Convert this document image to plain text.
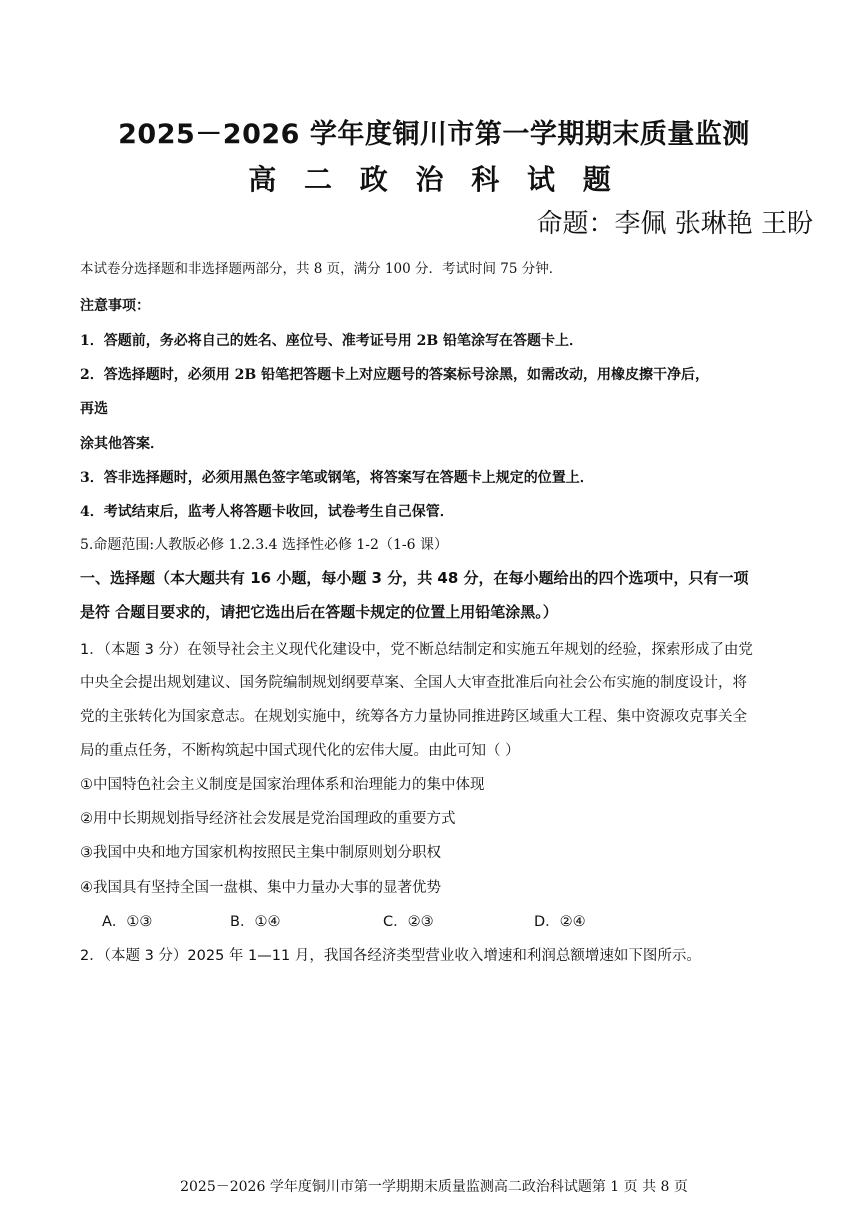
2025－2026 学年度铜川市第一学期期末质量监测
高 二 政 治 科 试 题
命题：李佩 张琳艳 王盼
本试卷分选择题和非选择题两部分，共 8 页，满分 100 分．考试时间 75 分钟．
注意事项：
1．答题前，务必将自己的姓名、座位号、准考证号用 2B 铅笔涂写在答题卡上．
2．答选择题时，必须用 2B 铅笔把答题卡上对应题号的答案标号涂黑，如需改动，用橡皮擦干净后，
再选
涂其他答案．
3．答非选择题时，必须用黑色签字笔或钢笔，将答案写在答题卡上规定的位置上．
4．考试结束后，监考人将答题卡收回，试卷考生自己保管．
5.命题范围:人教版必修 1.2.3.4 选择性必修 1-2（1-6 课）
一、选择题（本大题共有 16 小题，每小题 3 分，共 48 分，在每小题给出的四个选项中，只有一项
是符 合题目要求的，请把它选出后在答题卡规定的位置上用铅笔涂黑。）
1．（本题 3 分）在领导社会主义现代化建设中，党不断总结制定和实施五年规划的经验，探索形成了由党
中央全会提出规划建议、国务院编制规划纲要草案、全国人大审查批准后向社会公布实施的制度设计，将
党的主张转化为国家意志。在规划实施中，统筹各方力量协同推进跨区域重大工程、集中资源攻克事关全
局的重点任务，不断构筑起中国式现代化的宏伟大厦。由此可知（ ）
①中国特色社会主义制度是国家治理体系和治理能力的集中体现
②用中长期规划指导经济社会发展是党治国理政的重要方式
③我国中央和地方国家机构按照民主集中制原则划分职权
④我国具有坚持全国一盘棋、集中力量办大事的显著优势
A．①③	B．①④	C．②③	D．②④
2．（本题 3 分）2025 年 1—11 月，我国各经济类型营业收入增速和利润总额增速如下图所示。
2025－2026 学年度铜川市第一学期期末质量监测高二政治科试题第 1 页 共 8 页
